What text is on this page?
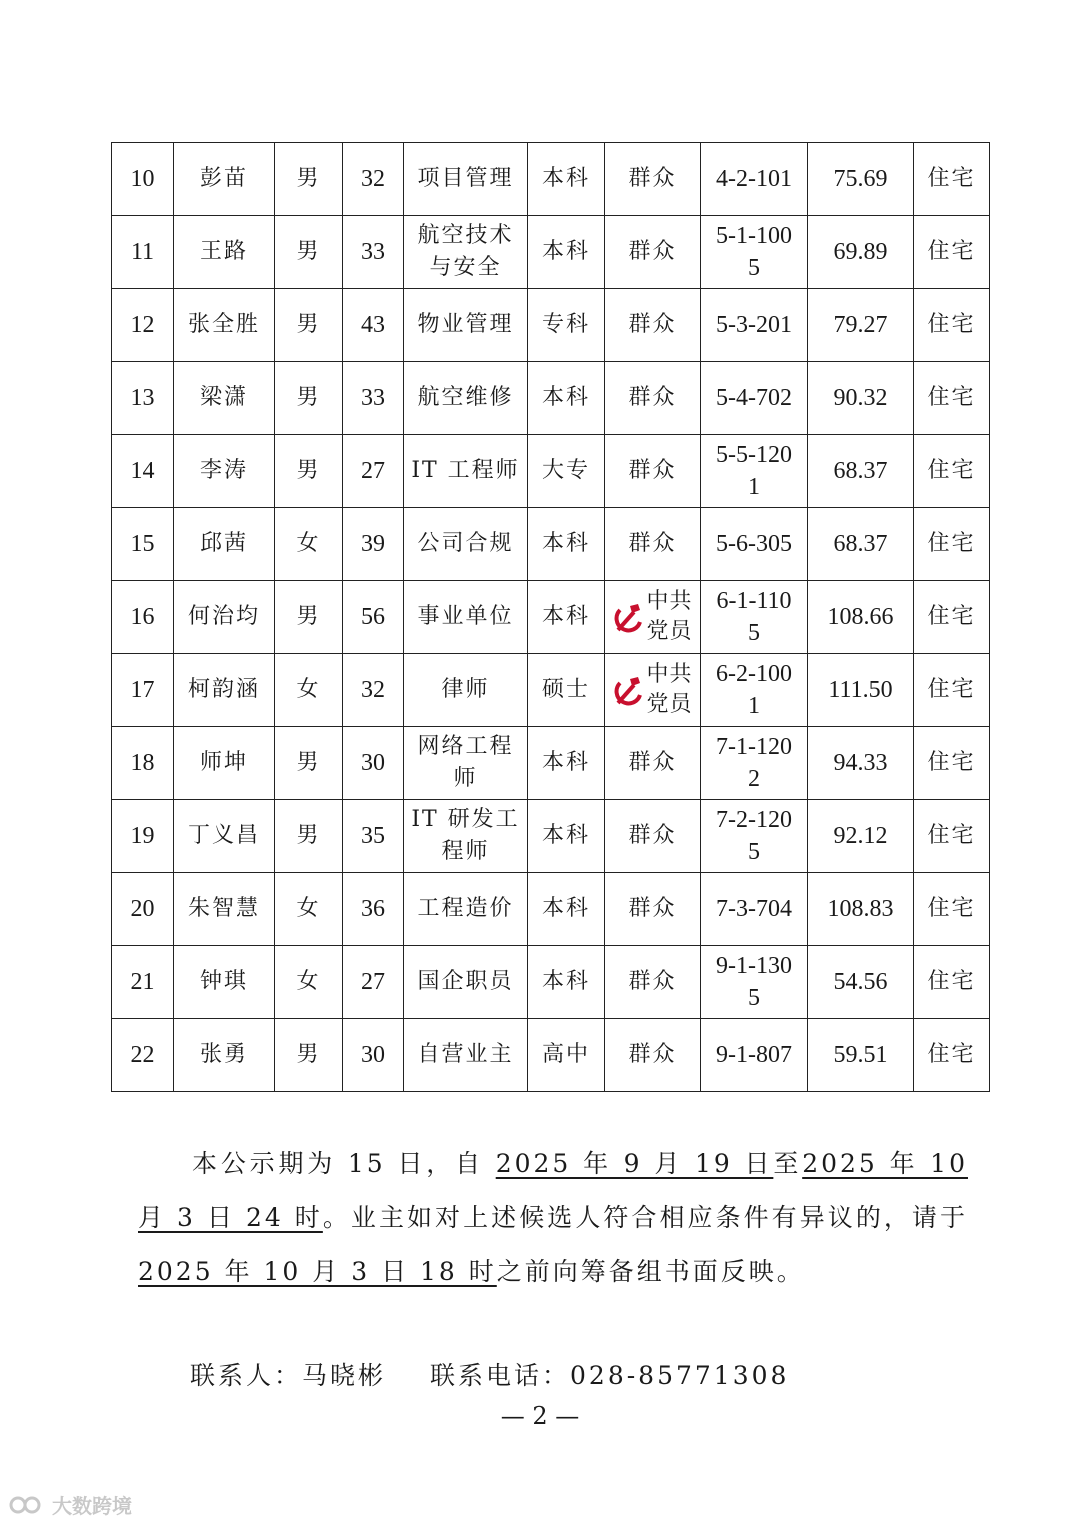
10	彭苗	男	32	项目管理	本科	群众	4-2-101	75.69	住宅
11	王路	男	33	航空技术与安全	本科	群众	5-1-1005	69.89	住宅
12	张全胜	男	43	物业管理	专科	群众	5-3-201	79.27	住宅
13	梁潇	男	33	航空维修	本科	群众	5-4-702	90.32	住宅
14	李涛	男	27	IT 工程师	大专	群众	5-5-1201	68.37	住宅
15	邱茜	女	39	公司合规	本科	群众	5-6-305	68.37	住宅
16	何治均	男	56	事业单位	本科	中共党员	6-1-1105	108.66	住宅
17	柯韵涵	女	32	律师	硕士	中共党员	6-2-1001	111.50	住宅
18	师坤	男	30	网络工程师	本科	群众	7-1-1202	94.33	住宅
19	丁义昌	男	35	IT 研发工程师	本科	群众	7-2-1205	92.12	住宅
20	朱智慧	女	36	工程造价	本科	群众	7-3-704	108.83	住宅
21	钟琪	女	27	国企职员	本科	群众	9-1-1305	54.56	住宅
22	张勇	男	30	自营业主	高中	群众	9-1-807	59.51	住宅
本公示期为 15 日，自 2025 年 9 月 19 日至2025 年 10 月 3 日 24 时。业主如对上述候选人符合相应条件有异议的，请于 2025 年 10 月 3 日 18 时之前向筹备组书面反映。
联系人：马晓彬 联系电话：028-85771308
— 2 —
大数跨境
